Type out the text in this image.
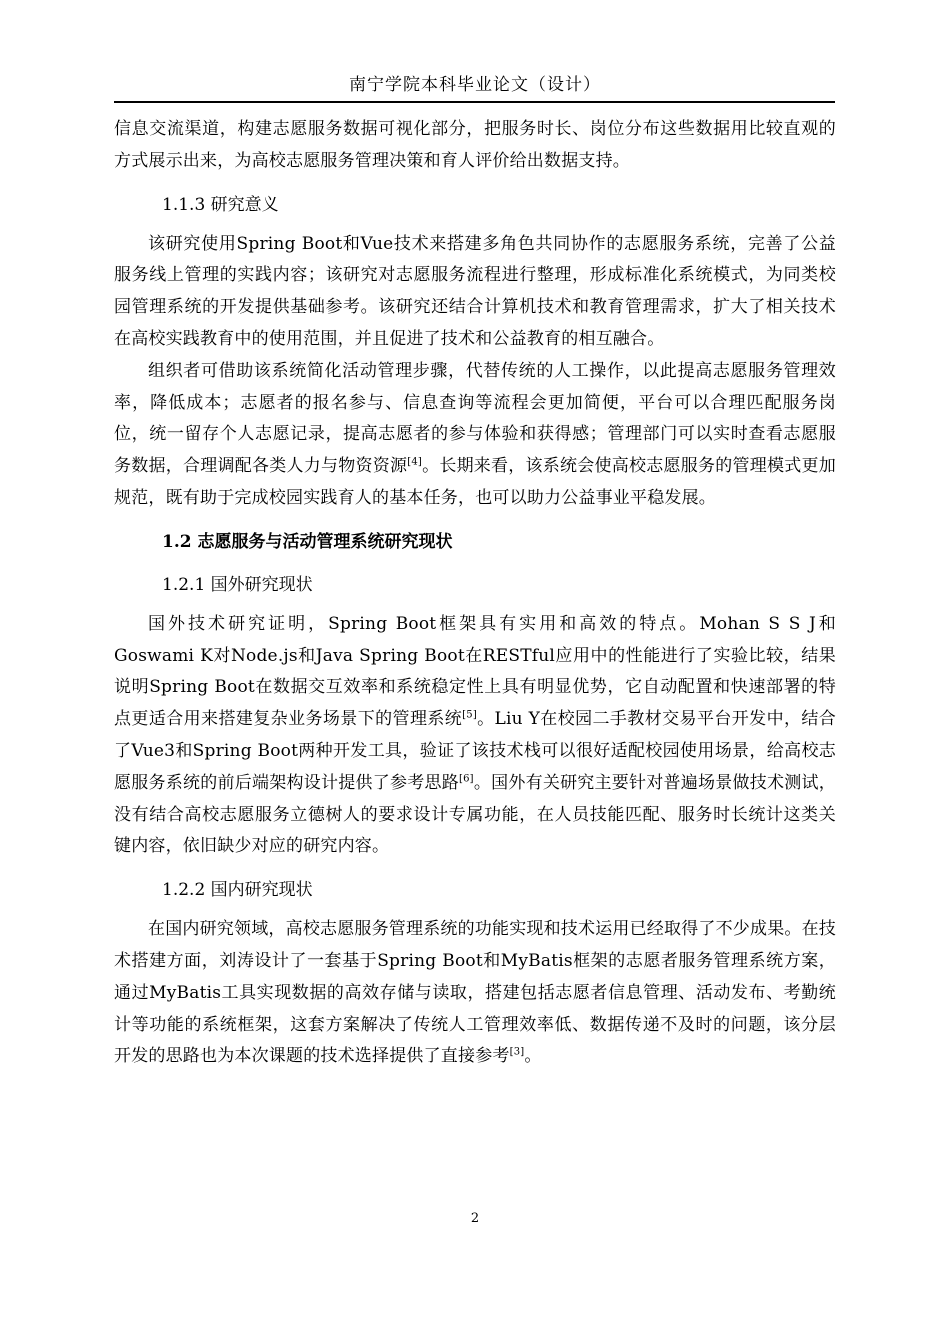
南宁学院本科毕业论文（设计）

信息交流渠道，构建志愿服务数据可视化部分，把服务时长、岗位分布这些数据用比较直观的方式展示出来，为高校志愿服务管理决策和育人评价给出数据支持。

1.1.3 研究意义

该研究使用Spring Boot和Vue技术来搭建多角色共同协作的志愿服务系统，完善了公益服务线上管理的实践内容；该研究对志愿服务流程进行整理，形成标准化系统模式，为同类校园管理系统的开发提供基础参考。该研究还结合计算机技术和教育管理需求，扩大了相关技术在高校实践教育中的使用范围，并且促进了技术和公益教育的相互融合。

组织者可借助该系统简化活动管理步骤，代替传统的人工操作，以此提高志愿服务管理效率，降低成本；志愿者的报名参与、信息查询等流程会更加简便，平台可以合理匹配服务岗位，统一留存个人志愿记录，提高志愿者的参与体验和获得感；管理部门可以实时查看志愿服务数据，合理调配各类人力与物资资源[4]。长期来看，该系统会使高校志愿服务的管理模式更加规范，既有助于完成校园实践育人的基本任务，也可以助力公益事业平稳发展。

1.2 志愿服务与活动管理系统研究现状
1.2.1 国外研究现状

国外技术研究证明，Spring Boot框架具有实用和高效的特点。Mohan S S J和Goswami K对Node.js和Java Spring Boot在RESTful应用中的性能进行了实验比较，结果说明Spring Boot在数据交互效率和系统稳定性上具有明显优势，它自动配置和快速部署的特点更适合用来搭建复杂业务场景下的管理系统[5]。Liu Y在校园二手教材交易平台开发中，结合了Vue3和Spring Boot两种开发工具，验证了该技术栈可以很好适配校园使用场景，给高校志愿服务系统的前后端架构设计提供了参考思路[6]。国外有关研究主要针对普遍场景做技术测试，没有结合高校志愿服务立德树人的要求设计专属功能，在人员技能匹配、服务时长统计这类关键内容，依旧缺少对应的研究内容。

1.2.2 国内研究现状

在国内研究领域，高校志愿服务管理系统的功能实现和技术运用已经取得了不少成果。在技术搭建方面，刘涛设计了一套基于Spring Boot和MyBatis框架的志愿者服务管理系统方案，通过MyBatis工具实现数据的高效存储与读取，搭建包括志愿者信息管理、活动发布、考勤统计等功能的系统框架，这套方案解决了传统人工管理效率低、数据传递不及时的问题，该分层开发的思路也为本次课题的技术选择提供了直接参考[3]。

2
